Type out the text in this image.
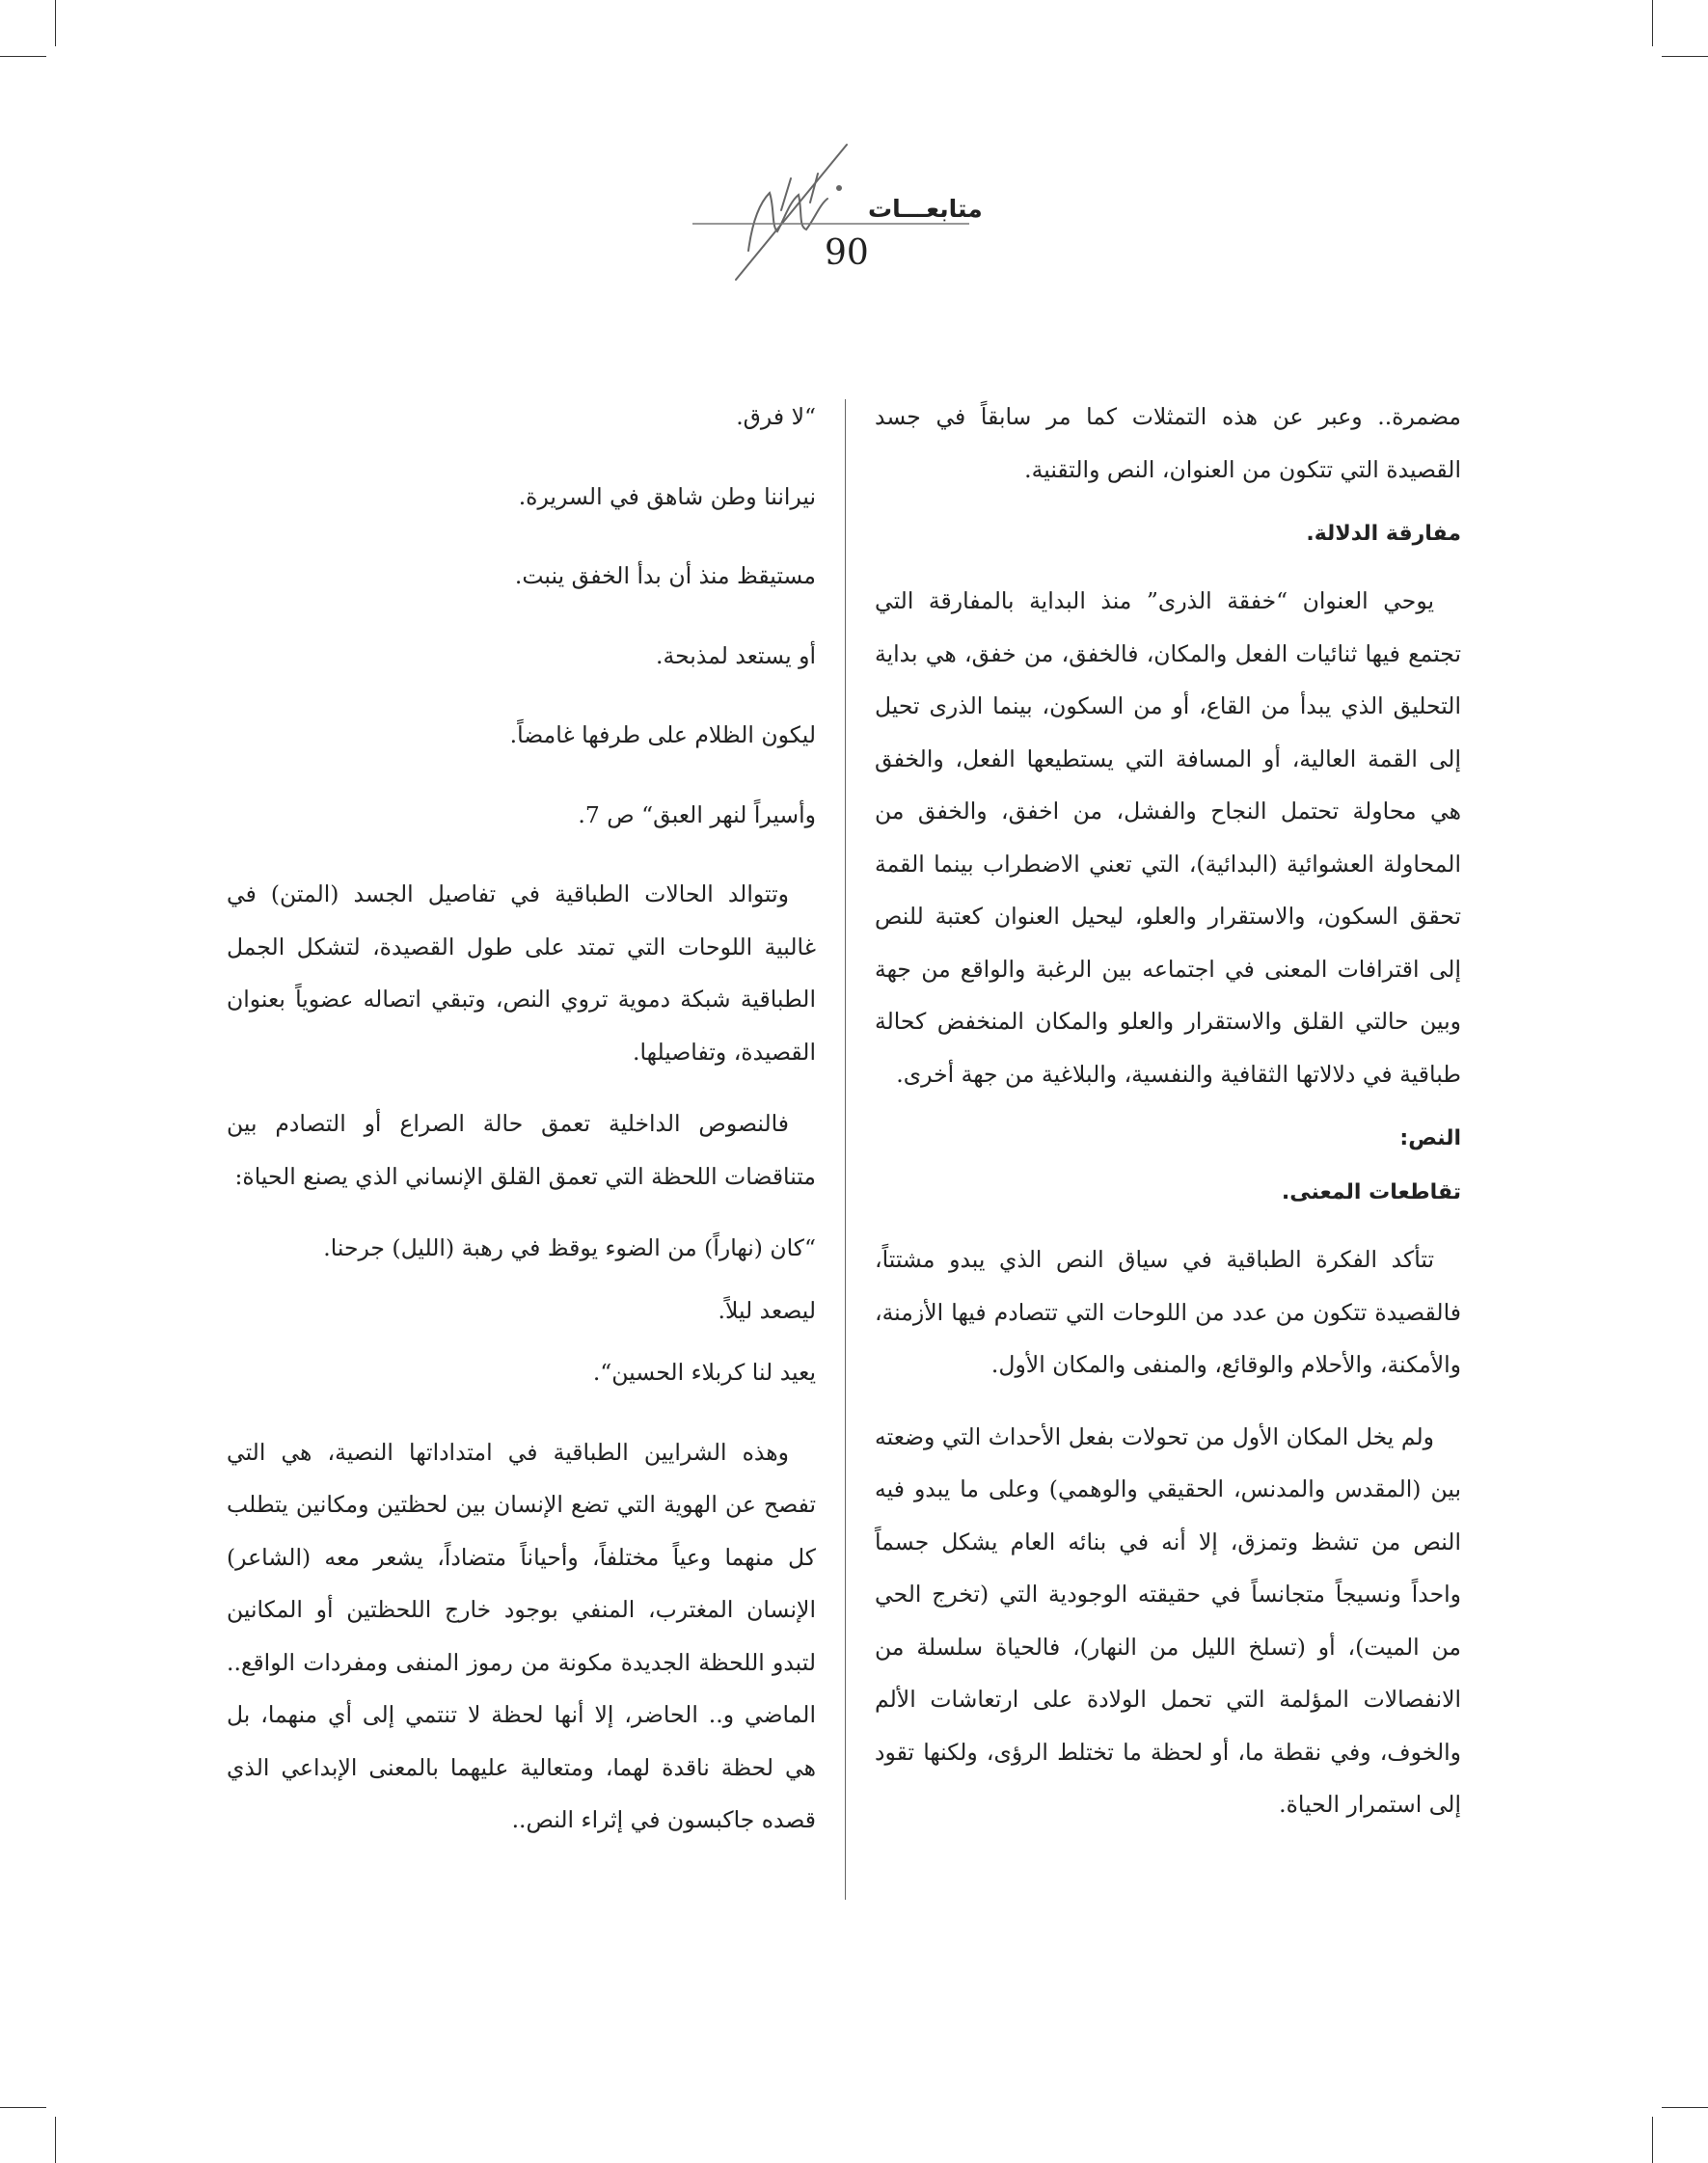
متابعـــات
90

مضمرة.. وعبر عن هذه التمثلات كما مر سابقاً في جسد القصيدة التي تتكون من العنوان، النص والتقنية.

مفارقة الدلالة.

يوحي العنوان “خفقة الذرى” منذ البداية بالمفارقة التي تجتمع فيها ثنائيات الفعل والمكان، فالخفق، من خفق، هي بداية التحليق الذي يبدأ من القاع، أو من السكون، بينما الذرى تحيل إلى القمة العالية، أو المسافة التي يستطيعها الفعل، والخفق هي محاولة تحتمل النجاح والفشل، من اخفق، والخفق من المحاولة العشوائية (البدائية)، التي تعني الاضطراب بينما القمة تحقق السكون، والاستقرار والعلو، ليحيل العنوان كعتبة للنص إلى اقترافات المعنى في اجتماعه بين الرغبة والواقع من جهة وبين حالتي القلق والاستقرار والعلو والمكان المنخفض كحالة طباقية في دلالاتها الثقافية والنفسية، والبلاغية من جهة أخرى.

النص:
تقاطعات المعنى.

تتأكد الفكرة الطباقية في سياق النص الذي يبدو مشتتاً، فالقصيدة تتكون من عدد من اللوحات التي تتصادم فيها الأزمنة، والأمكنة، والأحلام والوقائع، والمنفى والمكان الأول.

ولم يخل المكان الأول من تحولات بفعل الأحداث التي وضعته بين (المقدس والمدنس، الحقيقي والوهمي) وعلى ما يبدو فيه النص من تشظ وتمزق، إلا أنه في بنائه العام يشكل جسماً واحداً ونسيجاً متجانساً في حقيقته الوجودية التي (تخرج الحي من الميت)، أو (تسلخ الليل من النهار)، فالحياة سلسلة من الانفصالات المؤلمة التي تحمل الولادة على ارتعاشات الألم والخوف، وفي نقطة ما، أو لحظة ما تختلط الرؤى، ولكنها تقود إلى استمرار الحياة.

“لا فرق.

نيراننا وطن شاهق في السريرة.

مستيقظ منذ أن بدأ الخفق ينبت.

أو يستعد لمذبحة.

ليكون الظلام على طرفها غامضاً.

وأسيراً لنهر العبق“ ص 7.

وتتوالد الحالات الطباقية في تفاصيل الجسد (المتن) في غالبية اللوحات التي تمتد على طول القصيدة، لتشكل الجمل الطباقية شبكة دموية تروي النص، وتبقي اتصاله عضوياً بعنوان القصيدة، وتفاصيلها.

فالنصوص الداخلية تعمق حالة الصراع أو التصادم بين متناقضات اللحظة التي تعمق القلق الإنساني الذي يصنع الحياة:

“كان (نهاراً) من الضوء يوقظ في رهبة (الليل) جرحنا.

ليصعد ليلاً.

يعيد لنا كربلاء الحسين“.

وهذه الشرايين الطباقية في امتداداتها النصية، هي التي تفصح عن الهوية التي تضع الإنسان بين لحظتين ومكانين يتطلب كل منهما وعياً مختلفاً، وأحياناً متضاداً، يشعر معه (الشاعر) الإنسان المغترب، المنفي بوجود خارج اللحظتين أو المكانين لتبدو اللحظة الجديدة مكونة من رموز المنفى ومفردات الواقع.. الماضي و.. الحاضر، إلا أنها لحظة لا تنتمي إلى أي منهما، بل هي لحظة ناقدة لهما، ومتعالية عليهما بالمعنى الإبداعي الذي قصده جاكبسون في إثراء النص..
